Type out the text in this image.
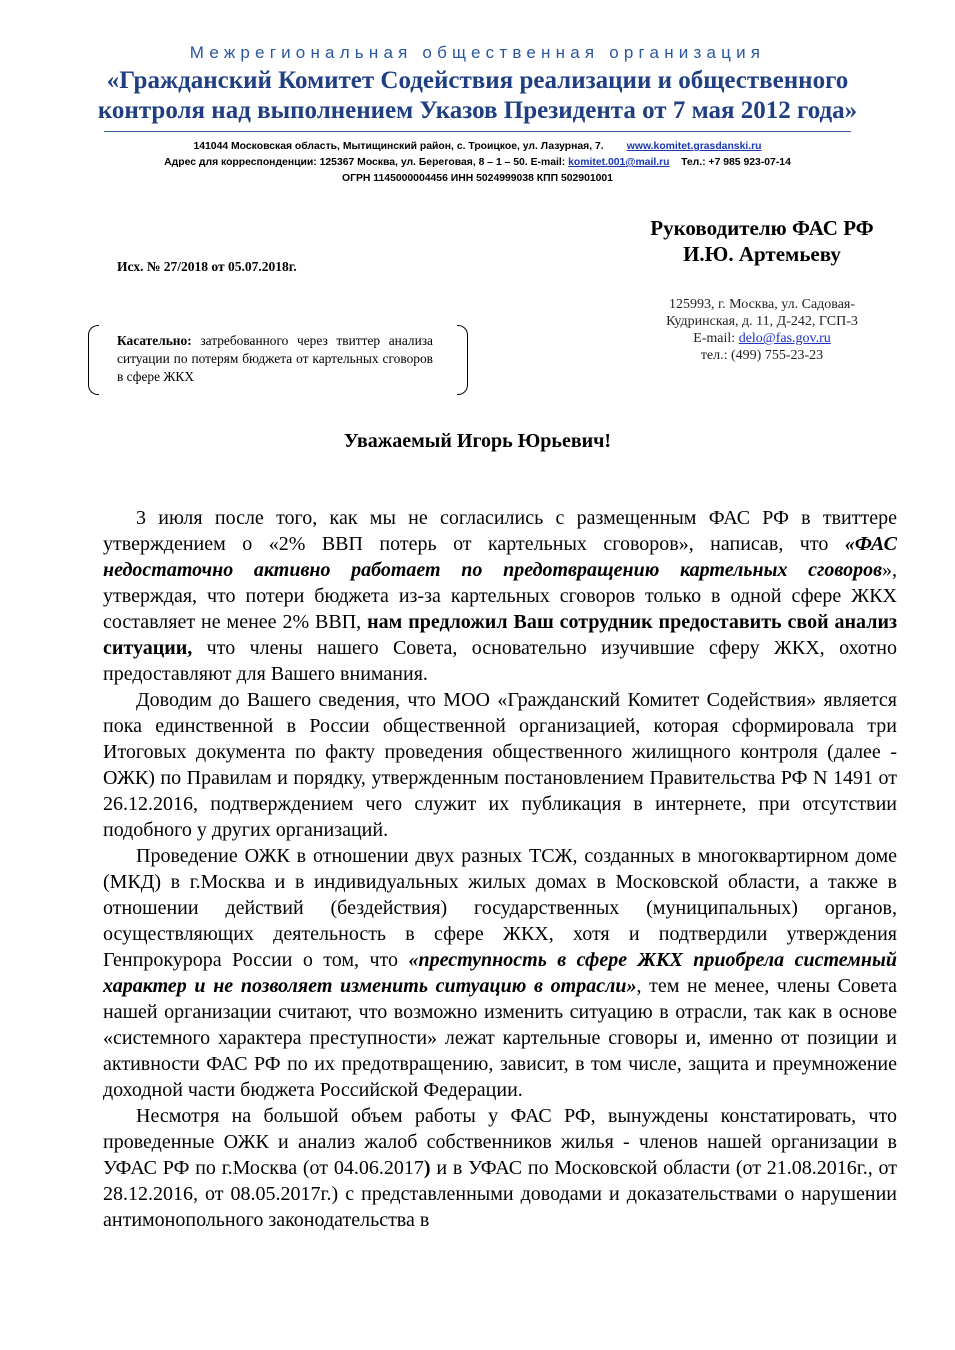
Межрегиональная общественная организация
«Гражданский Комитет Содействия реализации и общественного
контроля над выполнением Указов Президента от 7 мая 2012 года»
141044 Московская область, Мытищинский район, с. Троицкое, ул. Лазурная, 7. www.komitet.grasdanski.ru
Адрес для корреспонденции: 125367 Москва, ул. Береговая, 8 – 1 – 50. E-mail: komitet.001@mail.ru Тел.: +7 985 923-07-14
ОГРН 1145000004456 ИНН 5024999038 КПП 502901001
Исх. № 27/2018 от 05.07.2018г.
Руководителю ФАС РФ
И.Ю. Артемьеву
125993, г. Москва, ул. Садовая-
Кудринская, д. 11, Д-242, ГСП-3
E-mail: delo@fas.gov.ru
тел.: (499) 755-23-23
Касательно: затребованного через твиттер анализа ситуации по потерям бюджета от картельных сговоров в сфере ЖКХ
Уважаемый Игорь Юрьевич!

3 июля после того, как мы не согласились с размещенным ФАС РФ в твиттере утверждением о «2% ВВП потерь от картельных сговоров», написав, что «ФАС недостаточно активно работает по предотвращению картельных сговоров», утверждая, что потери бюджета из-за картельных сговоров только в одной сфере ЖКХ составляет не менее 2% ВВП, нам предложил Ваш сотрудник предоставить свой анализ ситуации, что члены нашего Совета, основательно изучившие сферу ЖКХ, охотно предоставляют для Вашего внимания.

Доводим до Вашего сведения, что МОО «Гражданский Комитет Содействия» является пока единственной в России общественной организацией, которая сформировала три Итоговых документа по факту проведения общественного жилищного контроля (далее - ОЖК) по Правилам и порядку, утвержденным постановлением Правительства РФ N 1491 от 26.12.2016, подтверждением чего служит их публикация в интернете, при отсутствии подобного у других организаций.

Проведение ОЖК в отношении двух разных ТСЖ, созданных в многоквартирном доме (МКД) в г.Москва и в индивидуальных жилых домах в Московской области, а также в отношении действий (бездействия) государственных (муниципальных) органов, осуществляющих деятельность в сфере ЖКХ, хотя и подтвердили утверждения Генпрокурора России о том, что «преступность в сфере ЖКХ приобрела системный характер и не позволяет изменить ситуацию в отрасли», тем не менее, члены Совета нашей организации считают, что возможно изменить ситуацию в отрасли, так как в основе «системного характера преступности» лежат картельные сговоры и, именно от позиции и активности ФАС РФ по их предотвращению, зависит, в том числе, защита и преумножение доходной части бюджета Российской Федерации.

Несмотря на большой объем работы у ФАС РФ, вынуждены констатировать, что проведенные ОЖК и анализ жалоб собственников жилья - членов нашей организации в УФАС РФ по г.Москва (от 04.06.2017) и в УФАС по Московской области (от 21.08.2016г., от 28.12.2016, от 08.05.2017г.) с представленными доводами и доказательствами о нарушении антимонопольного законодательства в
